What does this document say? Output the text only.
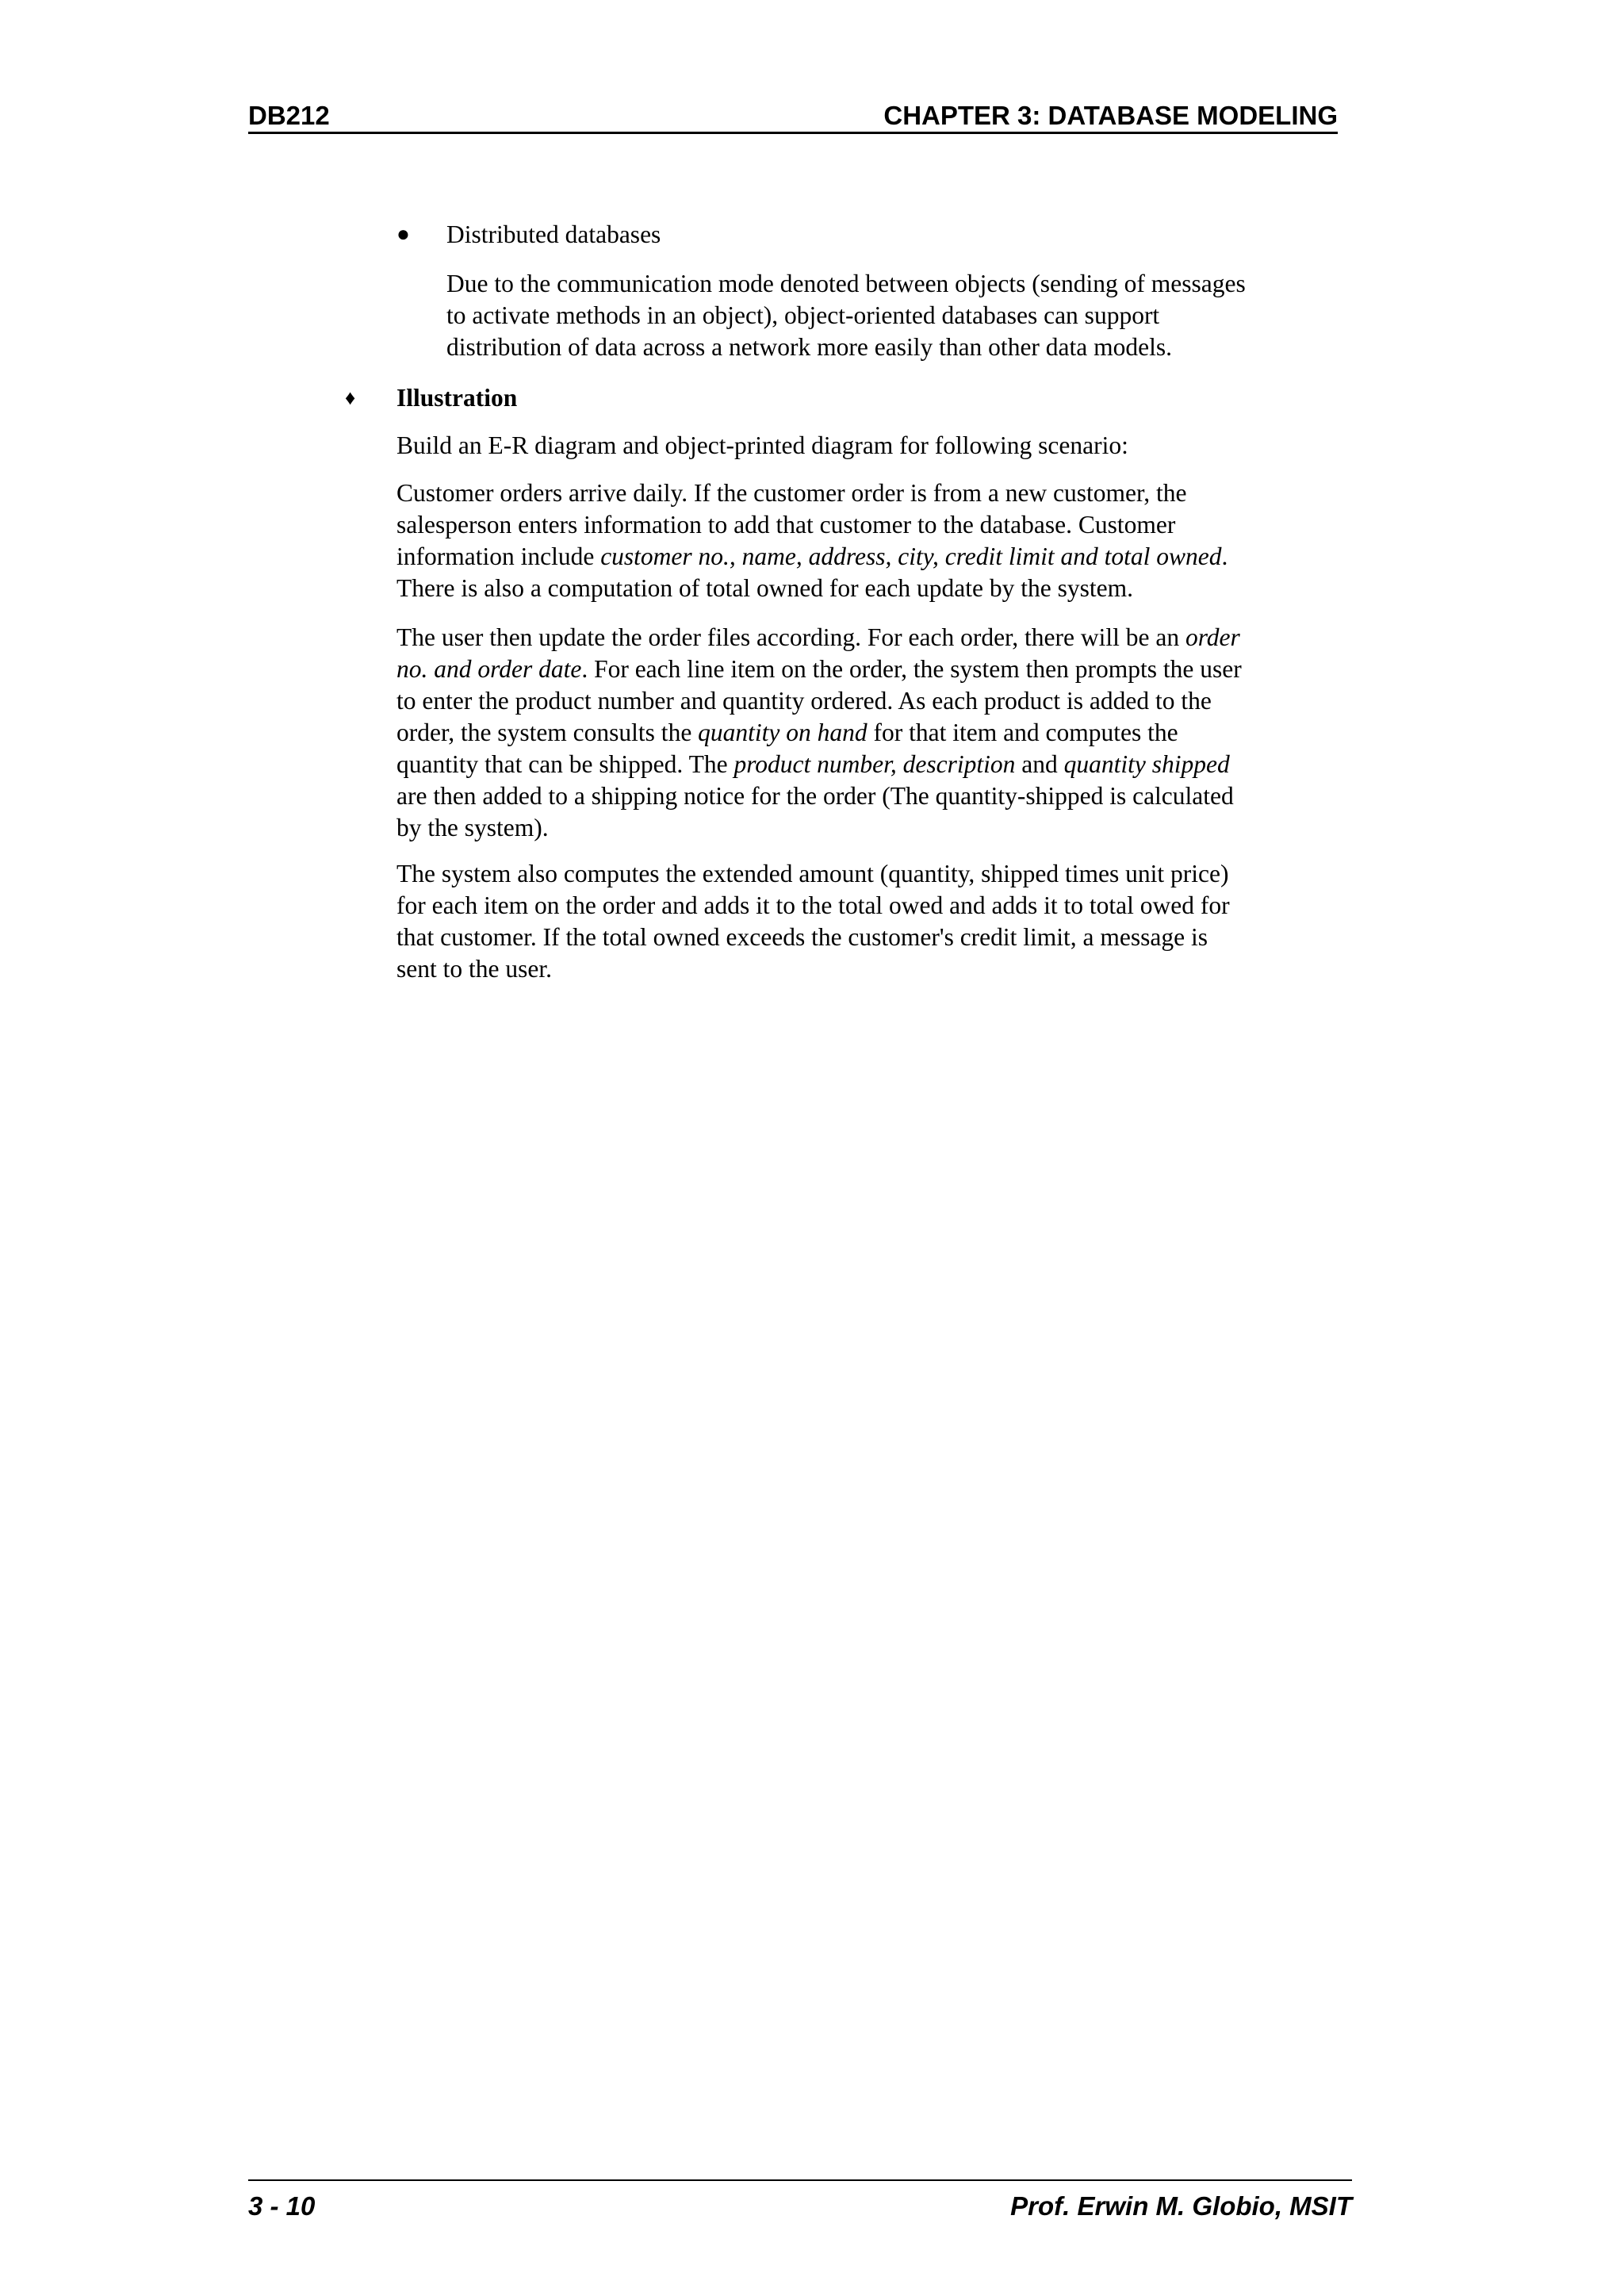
DB212	CHAPTER 3: DATABASE MODELING
● Distributed databases
Due to the communication mode denoted between objects (sending of messages
to activate methods in an object), object-oriented databases can support
distribution of data across a network more easily than other data models.
♦ Illustration
Build an E-R diagram and object-printed diagram for following scenario:
Customer orders arrive daily. If the customer order is from a new customer, the
salesperson enters information to add that customer to the database. Customer
information include customer no., name, address, city, credit limit and total owned.
There is also a computation of total owned for each update by the system.
The user then update the order files according. For each order, there will be an order
no. and order date. For each line item on the order, the system then prompts the user
to enter the product number and quantity ordered. As each product is added to the
order, the system consults the quantity on hand for that item and computes the
quantity that can be shipped. The product number, description and quantity shipped
are then added to a shipping notice for the order (The quantity-shipped is calculated
by the system).
The system also computes the extended amount (quantity, shipped times unit price)
for each item on the order and adds it to the total owed and adds it to total owed for
that customer. If the total owned exceeds the customer's credit limit, a message is
sent to the user.
3 - 10	Prof. Erwin M. Globio, MSIT
